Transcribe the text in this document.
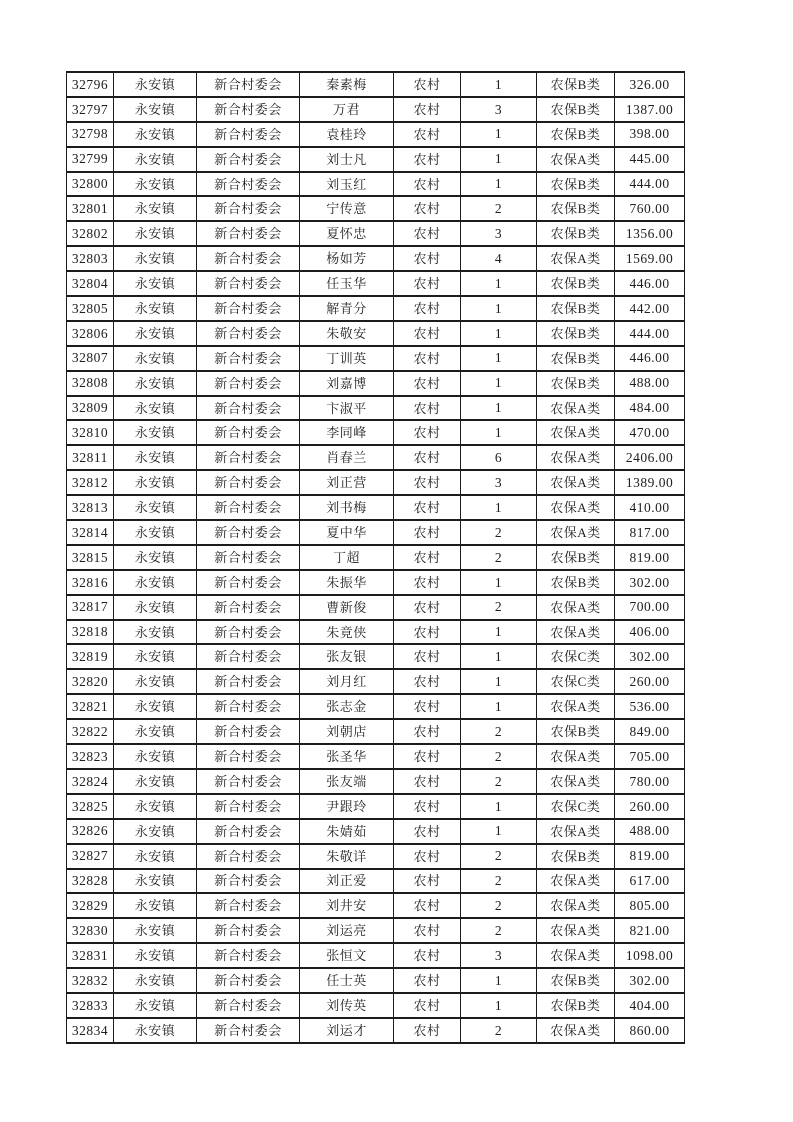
32796	永安镇	新合村委会	秦素梅	农村	1	农保B类	326.00
32797	永安镇	新合村委会	万君	农村	3	农保B类	1387.00
32798	永安镇	新合村委会	袁桂玲	农村	1	农保B类	398.00
32799	永安镇	新合村委会	刘士凡	农村	1	农保A类	445.00
32800	永安镇	新合村委会	刘玉红	农村	1	农保B类	444.00
32801	永安镇	新合村委会	宁传意	农村	2	农保B类	760.00
32802	永安镇	新合村委会	夏怀忠	农村	3	农保B类	1356.00
32803	永安镇	新合村委会	杨如芳	农村	4	农保A类	1569.00
32804	永安镇	新合村委会	任玉华	农村	1	农保B类	446.00
32805	永安镇	新合村委会	解青分	农村	1	农保B类	442.00
32806	永安镇	新合村委会	朱敬安	农村	1	农保B类	444.00
32807	永安镇	新合村委会	丁训英	农村	1	农保B类	446.00
32808	永安镇	新合村委会	刘嘉博	农村	1	农保B类	488.00
32809	永安镇	新合村委会	卞淑平	农村	1	农保A类	484.00
32810	永安镇	新合村委会	李同峰	农村	1	农保A类	470.00
32811	永安镇	新合村委会	肖春兰	农村	6	农保A类	2406.00
32812	永安镇	新合村委会	刘正营	农村	3	农保A类	1389.00
32813	永安镇	新合村委会	刘书梅	农村	1	农保A类	410.00
32814	永安镇	新合村委会	夏中华	农村	2	农保A类	817.00
32815	永安镇	新合村委会	丁超	农村	2	农保B类	819.00
32816	永安镇	新合村委会	朱振华	农村	1	农保B类	302.00
32817	永安镇	新合村委会	曹新俊	农村	2	农保A类	700.00
32818	永安镇	新合村委会	朱竟侠	农村	1	农保A类	406.00
32819	永安镇	新合村委会	张友银	农村	1	农保C类	302.00
32820	永安镇	新合村委会	刘月红	农村	1	农保C类	260.00
32821	永安镇	新合村委会	张志金	农村	1	农保A类	536.00
32822	永安镇	新合村委会	刘朝店	农村	2	农保B类	849.00
32823	永安镇	新合村委会	张圣华	农村	2	农保A类	705.00
32824	永安镇	新合村委会	张友端	农村	2	农保A类	780.00
32825	永安镇	新合村委会	尹跟玲	农村	1	农保C类	260.00
32826	永安镇	新合村委会	朱婧茹	农村	1	农保A类	488.00
32827	永安镇	新合村委会	朱敬详	农村	2	农保B类	819.00
32828	永安镇	新合村委会	刘正爱	农村	2	农保A类	617.00
32829	永安镇	新合村委会	刘井安	农村	2	农保A类	805.00
32830	永安镇	新合村委会	刘运亮	农村	2	农保A类	821.00
32831	永安镇	新合村委会	张恒文	农村	3	农保A类	1098.00
32832	永安镇	新合村委会	任士英	农村	1	农保B类	302.00
32833	永安镇	新合村委会	刘传英	农村	1	农保B类	404.00
32834	永安镇	新合村委会	刘运才	农村	2	农保A类	860.00
